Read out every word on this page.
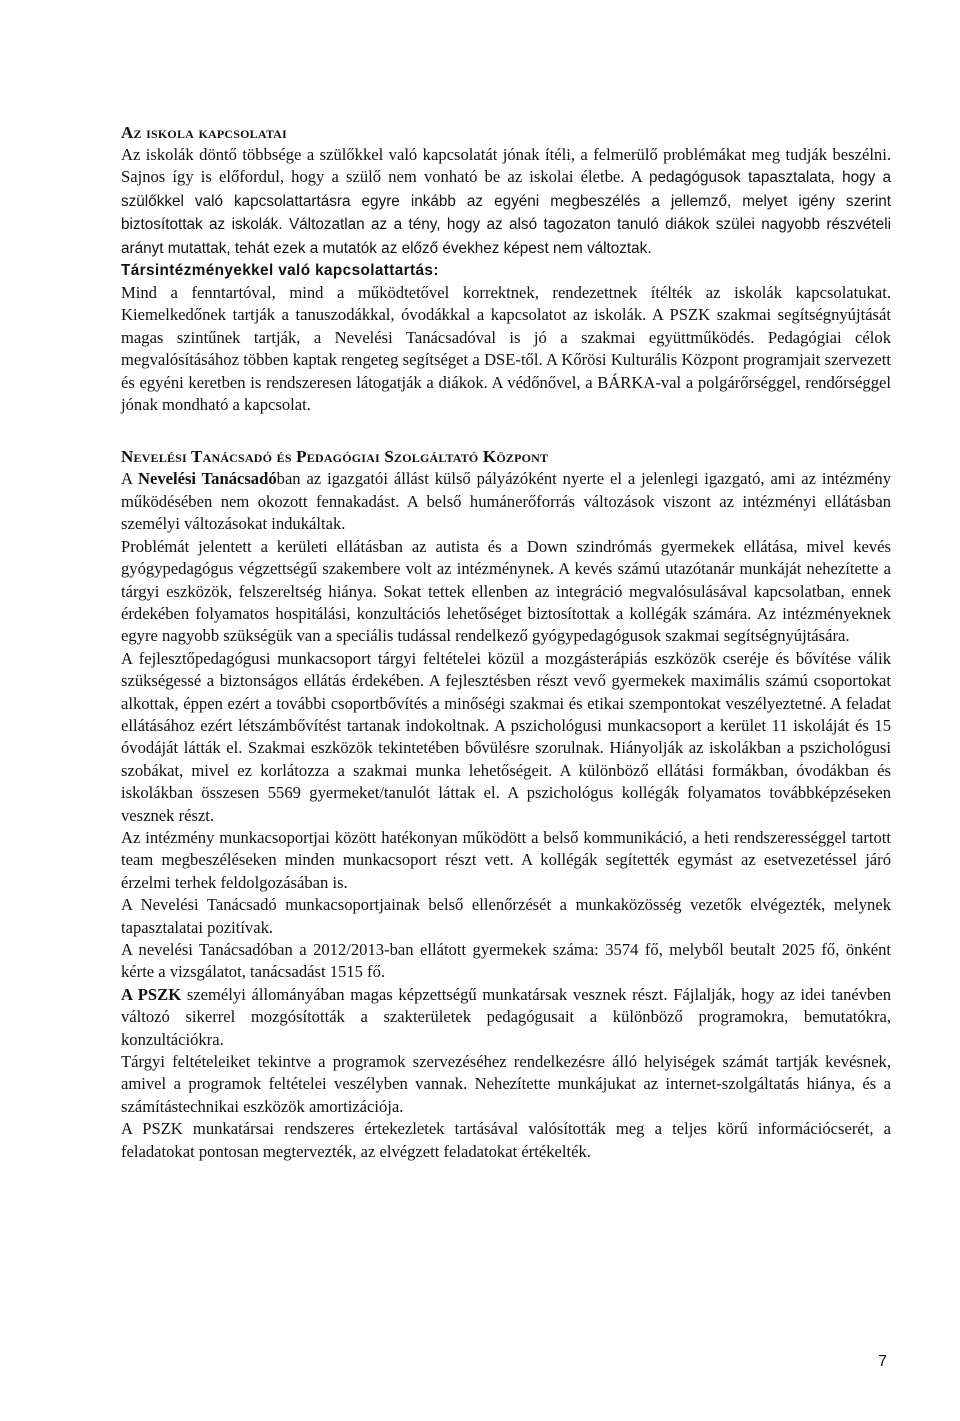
Az iskola kapcsolatai

Az iskolák döntő többsége a szülőkkel való kapcsolatát jónak ítéli, a felmerülő problémákat meg tudják beszélni. Sajnos így is előfordul, hogy a szülő nem vonható be az iskolai életbe. A pedagógusok tapasztalata, hogy a szülőkkel való kapcsolattartásra egyre inkább az egyéni megbeszélés a jellemző, melyet igény szerint biztosítottak az iskolák. Változatlan az a tény, hogy az alsó tagozaton tanuló diákok szülei nagyobb részvételi arányt mutattak, tehát ezek a mutatók az előző évekhez képest nem változtak.

Társintézményekkel való kapcsolattartás:

Mind a fenntartóval, mind a működtetővel korrektnek, rendezettnek ítélték az iskolák kapcsolatukat. Kiemelkedőnek tartják a tanuszodákkal, óvodákkal a kapcsolatot az iskolák. A PSZK szakmai segítségnyújtását magas szintűnek tartják, a Nevelési Tanácsadóval is jó a szakmai együttműködés. Pedagógiai célok megvalósításához többen kaptak rengeteg segítséget a DSE-től. A Kőrösi Kulturális Központ programjait szervezett és egyéni keretben is rendszeresen látogatják a diákok. A védőnővel, a BÁRKA-val a polgárőrséggel, rendőrséggel jónak mondható a kapcsolat.

Nevelési Tanácsadó és Pedagógiai Szolgáltató Központ

A Nevelési Tanácsadóban az igazgatói állást külső pályázóként nyerte el a jelenlegi igazgató, ami az intézmény működésében nem okozott fennakadást. A belső humánerőforrás változások viszont az intézményi ellátásban személyi változásokat indukáltak.

Problémát jelentett a kerületi ellátásban az autista és a Down szindrómás gyermekek ellátása, mivel kevés gyógypedagógus végzettségű szakembere volt az intézménynek. A kevés számú utazótanár munkáját nehezítette a tárgyi eszközök, felszereltség hiánya. Sokat tettek ellenben az integráció megvalósulásával kapcsolatban, ennek érdekében folyamatos hospitálási, konzultációs lehetőséget biztosítottak a kollégák számára. Az intézményeknek egyre nagyobb szükségük van a speciális tudással rendelkező gyógypedagógusok szakmai segítségnyújtására.

A fejlesztőpedagógusi munkacsoport tárgyi feltételei közül a mozgásterápiás eszközök cseréje és bővítése válik szükségessé a biztonságos ellátás érdekében. A fejlesztésben részt vevő gyermekek maximális számú csoportokat alkottak, éppen ezért a további csoportbővítés a minőségi szakmai és etikai szempontokat veszélyeztetné. A feladat ellátásához ezért létszámbővítést tartanak indokoltnak. A pszichológusi munkacsoport a kerület 11 iskoláját és 15 óvodáját látták el. Szakmai eszközök tekintetében bővülésre szorulnak. Hiányolják az iskolákban a pszichológusi szobákat, mivel ez korlátozza a szakmai munka lehetőségeit. A különböző ellátási formákban, óvodákban és iskolákban összesen 5569 gyermeket/tanulót láttak el. A pszichológus kollégák folyamatos továbbképzéseken vesznek részt.

Az intézmény munkacsoportjai között hatékonyan működött a belső kommunikáció, a heti rendszerességgel tartott team megbeszéléseken minden munkacsoport részt vett. A kollégák segítették egymást az esetvezetéssel járó érzelmi terhek feldolgozásában is.

A Nevelési Tanácsadó munkacsoportjainak belső ellenőrzését a munkaközösség vezetők elvégezték, melynek tapasztalatai pozitívak.

A nevelési Tanácsadóban a 2012/2013-ban ellátott gyermekek száma: 3574 fő, melyből beutalt 2025 fő, önként kérte a vizsgálatot, tanácsadást 1515 fő.

A PSZK személyi állományában magas képzettségű munkatársak vesznek részt. Fájlalják, hogy az idei tanévben változó sikerrel mozgósították a szakterületek pedagógusait a különböző programokra, bemutatókra, konzultációkra.

Tárgyi feltételeiket tekintve a programok szervezéséhez rendelkezésre álló helyiségek számát tartják kevésnek, amivel a programok feltételei veszélyben vannak. Nehezítette munkájukat az internet-szolgáltatás hiánya, és a számítástechnikai eszközök amortizációja.

A PSZK munkatársai rendszeres értekezletek tartásával valósították meg a teljes körű információcserét, a feladatokat pontosan megtervezték, az elvégzett feladatokat értékelték.

7
